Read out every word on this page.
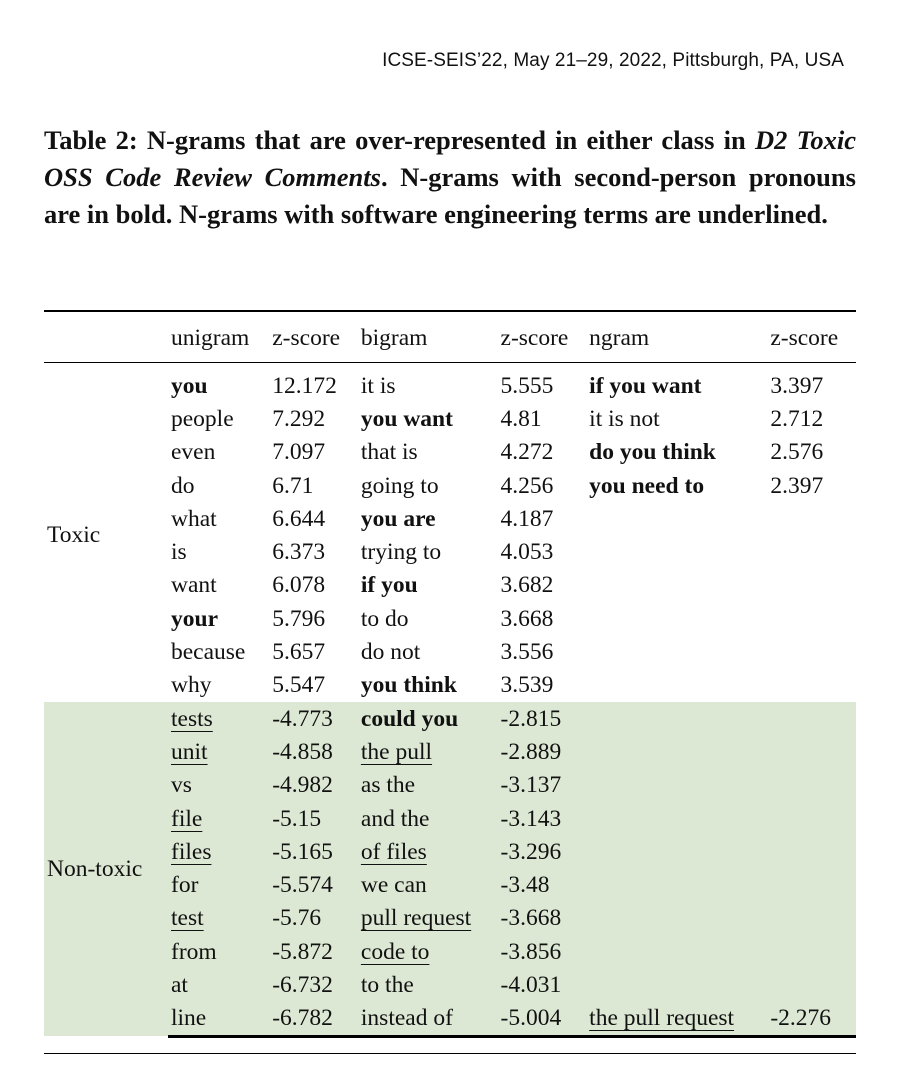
ICSE-SEIS’22, May 21–29, 2022, Pittsburgh, PA, USA
Table 2: N-grams that are over-represented in either class in D2 Toxic OSS Code Review Comments. N-grams with second-person pronouns are in bold. N-grams with software engineering terms are underlined.
	unigram	z-score	bigram	z-score	ngram	z-score

Toxic	you	12.172	it is	5.555	if you want	3.397
	people	7.292	you want	4.81	it is not	2.712
	even	7.097	that is	4.272	do you think	2.576
	do	6.71	going to	4.256	you need to	2.397
	what	6.644	you are	4.187		
	is	6.373	trying to	4.053		
	want	6.078	if you	3.682		
	your	5.796	to do	3.668		
	because	5.657	do not	3.556		
	why	5.547	you think	3.539		
Non-toxic	tests	-4.773	could you	-2.815		
	unit	-4.858	the pull	-2.889		
	vs	-4.982	as the	-3.137		
	file	-5.15	and the	-3.143		
	files	-5.165	of files	-3.296		
	for	-5.574	we can	-3.48		
	test	-5.76	pull request	-3.668		
	from	-5.872	code to	-3.856		
	at	-6.732	to the	-4.031		
	line	-6.782	instead of	-5.004	the pull request	-2.276
